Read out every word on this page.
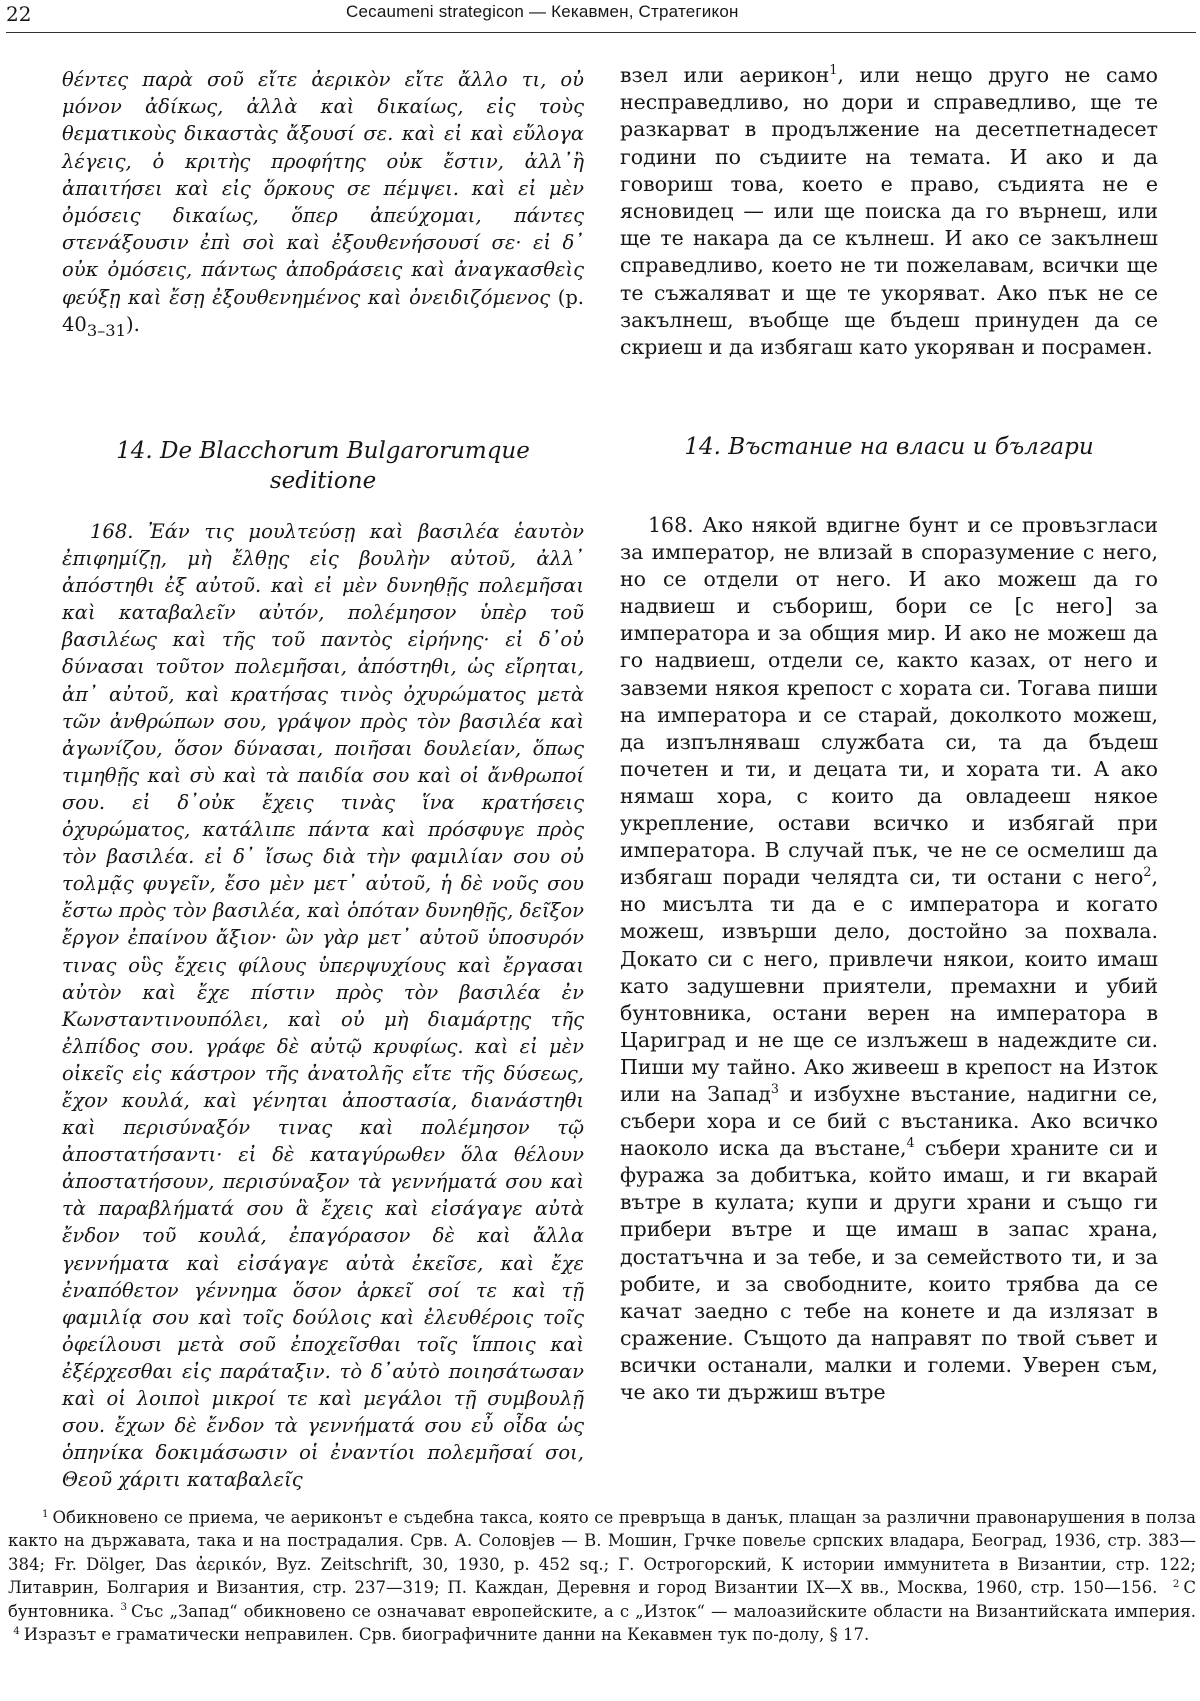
22	Cecaumeni strategicon — Кекавмен, Стратегикон

θέντες παρὰ σοῦ εἴτε ἀερικὸν εἴτε ἄλλο τι, οὐ μόνον ἀδίκως, ἀλλὰ καὶ δικαίως, εἰς τοὺς θεματικοὺς δικαστὰς ἄξουσί σε. καὶ εἰ καὶ εὔλογα λέγεις, ὁ κριτὴς προφήτης οὐκ ἔστιν, ἀλλ᾽ἢ ἀπαιτήσει καὶ εἰς ὅρκους σε πέμψει. καὶ εἰ μὲν ὀμόσεις δικαίως, ὅπερ ἀπεύχομαι, πάντες στενάξουσιν ἐπὶ σοὶ καὶ ἐξουθενήσουσί σε· εἰ δ᾽ οὐκ ὀμόσεις, πάντως ἀποδράσεις καὶ ἀναγκασθεὶς φεύξῃ καὶ ἔσῃ ἐξουθενημένος καὶ ὀνειδιζόμενος (p. $40_{3-31}$).

взел или аерикон$^1$, или нещо друго не само несправедливо, но дори и справедливо, ще те разкарват в продължение на десетпетнадесет години по съдиите на темата. И ако и да говориш това, което е право, съдията не е ясновидец — или ще поиска да го върнеш, или ще те накара да се кълнеш. И ако се закълнеш справедливо, което не ти пожелавам, всички ще те съжаляват и ще те укоряват. Ако пък не се закълнеш, въобще ще бъдеш принуден да се скриеш и да избягаш като укоряван и посрамен.

14. De Blacchorum Bulgarorumque seditione
14. Въстание на власи и българи

168. Ἐάν τις μουλτεύσῃ καὶ βασιλέα ἑαυτὸν ἐπιφημίζῃ, μὴ ἔλθῃς εἰς βουλὴν αὐτοῦ, ἀλλ᾽ ἀπόστηθι ἐξ αὐτοῦ. καὶ εἰ μὲν δυνηθῇς πολεμῆσαι καὶ καταβαλεῖν αὐτόν, πολέμησον ὑπὲρ τοῦ βασιλέως καὶ τῆς τοῦ παντὸς εἰρήνης· εἰ δ᾽οὐ δύνασαι τοῦτον πολεμῆσαι, ἀπόστηθι, ὡς εἴρηται, ἀπ᾽ αὐτοῦ, καὶ κρατήσας τινὸς ὀχυρώματος μετὰ τῶν ἀνθρώπων σου, γράψον πρὸς τὸν βασιλέα καὶ ἀγωνίζου, ὅσον δύνασαι, ποιῆσαι δουλείαν, ὅπως τιμηθῇς καὶ σὺ καὶ τὰ παιδία σου καὶ οἱ ἄνθρωποί σου. εἰ δ᾽οὐκ ἔχεις τινὰς ἵνα κρατήσεις ὀχυρώματος, κατάλιπε πάντα καὶ πρόσφυγε πρὸς τὸν βασιλέα. εἰ δ᾽ ἴσως διὰ τὴν φαμιλίαν σου οὐ τολμᾷς φυγεῖν, ἔσο μὲν μετ᾽ αὐτοῦ, ἡ δὲ νοῦς σου ἔστω πρὸς τὸν βασιλέα, καὶ ὁπόταν δυνηθῇς, δεῖξον ἔργον ἐπαίνου ἄξιον· ὢν γὰρ μετ᾽ αὐτοῦ ὑποσυρόν τινας οὓς ἔχεις φίλους ὑπερψυχίους καὶ ἔργασαι αὐτὸν καὶ ἔχε πίστιν πρὸς τὸν βασιλέα ἐν Κωνσταντινουπόλει, καὶ οὐ μὴ διαμάρτῃς τῆς ἐλπίδος σου. γράφε δὲ αὐτῷ κρυφίως. καὶ εἰ μὲν οἰκεῖς εἰς κάστρον τῆς ἀνατολῆς εἴτε τῆς δύσεως, ἔχον κουλά, καὶ γένηται ἀποστασία, διανάστηθι καὶ περισύναξόν τινας καὶ πολέμησον τῷ ἀποστατήσαντι· εἰ δὲ καταγύρωθεν ὅλα θέλουν ἀποστατήσουν, περισύναξον τὰ γεννήματά σου καὶ τὰ παραβλήματά σου ἃ ἔχεις καὶ εἰσάγαγε αὐτὰ ἔνδον τοῦ κουλά, ἐπαγόρασον δὲ καὶ ἄλλα γεννήματα καὶ εἰσάγαγε αὐτὰ ἐκεῖσε, καὶ ἔχε ἐναπόθετον γέννημα ὅσον ἀρκεῖ σοί τε καὶ τῇ φαμιλίᾳ σου καὶ τοῖς δούλοις καὶ ἐλευθέροις τοῖς ὀφείλουσι μετὰ σοῦ ἐποχεῖσθαι τοῖς ἵπποις καὶ ἐξέρχεσθαι εἰς παράταξιν. τὸ δ᾽αὐτὸ ποιησάτωσαν καὶ οἱ λοιποὶ μικροί τε καὶ μεγάλοι τῇ συμβουλῇ σου. ἔχων δὲ ἔνδον τὰ γεννήματά σου εὖ οἶδα ὡς ὁπηνίκα δοκιμάσωσιν οἱ ἐναντίοι πολεμῆσαί σοι, Θεοῦ χάριτι καταβαλεῖς

168. Ако някой вдигне бунт и се провъзгласи за император, не влизай в споразумение с него, но се отдели от него. И ако можеш да го надвиеш и събориш, бори се [с него] за императора и за общия мир. И ако не можеш да го надвиеш, отдели се, както казах, от него и завземи някоя крепост с хората си. Тогава пиши на императора и се старай, доколкото можеш, да изпълняваш службата си, та да бъдеш почетен и ти, и децата ти, и хората ти. А ако нямаш хора, с които да овладееш някое укрепление, остави всичко и избягай при императора. В случай пък, че не се осмелиш да избягаш поради челядта си, ти остани с него$^2$, но мисълта ти да е с императора и когато можеш, извърши дело, достойно за похвала. Докато си с него, привлечи някои, които имаш като задушевни приятели, премахни и убий бунтовника, остани верен на императора в Цариград и не ще се излъжеш в надеждите си. Пиши му тайно. Ако живееш в крепост на Изток или на Запад$^3$ и избухне въстание, надигни се, събери хора и се бий с въстаника. Ако всичко наоколо иска да въстане,$^4$ събери храните си и фуража за добитъка, който имаш, и ги вкарай вътре в кулата; купи и други храни и също ги прибери вътре и ще имаш в запас храна, достатъчна и за тебе, и за семейството ти, и за робите, и за свободните, които трябва да се качат заедно с тебе на конете и да излязат в сражение. Същото да направят по твой съвет и всички останали, малки и големи. Уверен съм, че ако ти държиш вътре

$^1$ Обикновено се приема, че аериконът е съдебна такса, която се превръща в данък, плащан за различни правонарушения в полза както на държавата, така и на пострадалия. Срв. А. Соловјев — В. Мошин, Грчке повеље српских владара, Београд, 1936, стр. 383—384; Fr. Dölger, Das ἀερικόν, Byz. Zeitschrift, 30, 1930, p. 452 sq.; Г. Острогорский, К истории иммунитета в Византии, стр. 122; Литаврин, Болгария и Византия, стр. 237—319; П. Каждан, Деревня и город Византии IX—X вв., Москва, 1960, стр. 150—156. $^2$ С бунтовника. $^3$ Със „Запад“ обикновено се означават европейските, а с „Изток“ — малоазийските области на Византийската империя.  $^4$ Изразът е граматически неправилен. Срв. биографичните данни на Кекавмен тук по-долу, § 17.
